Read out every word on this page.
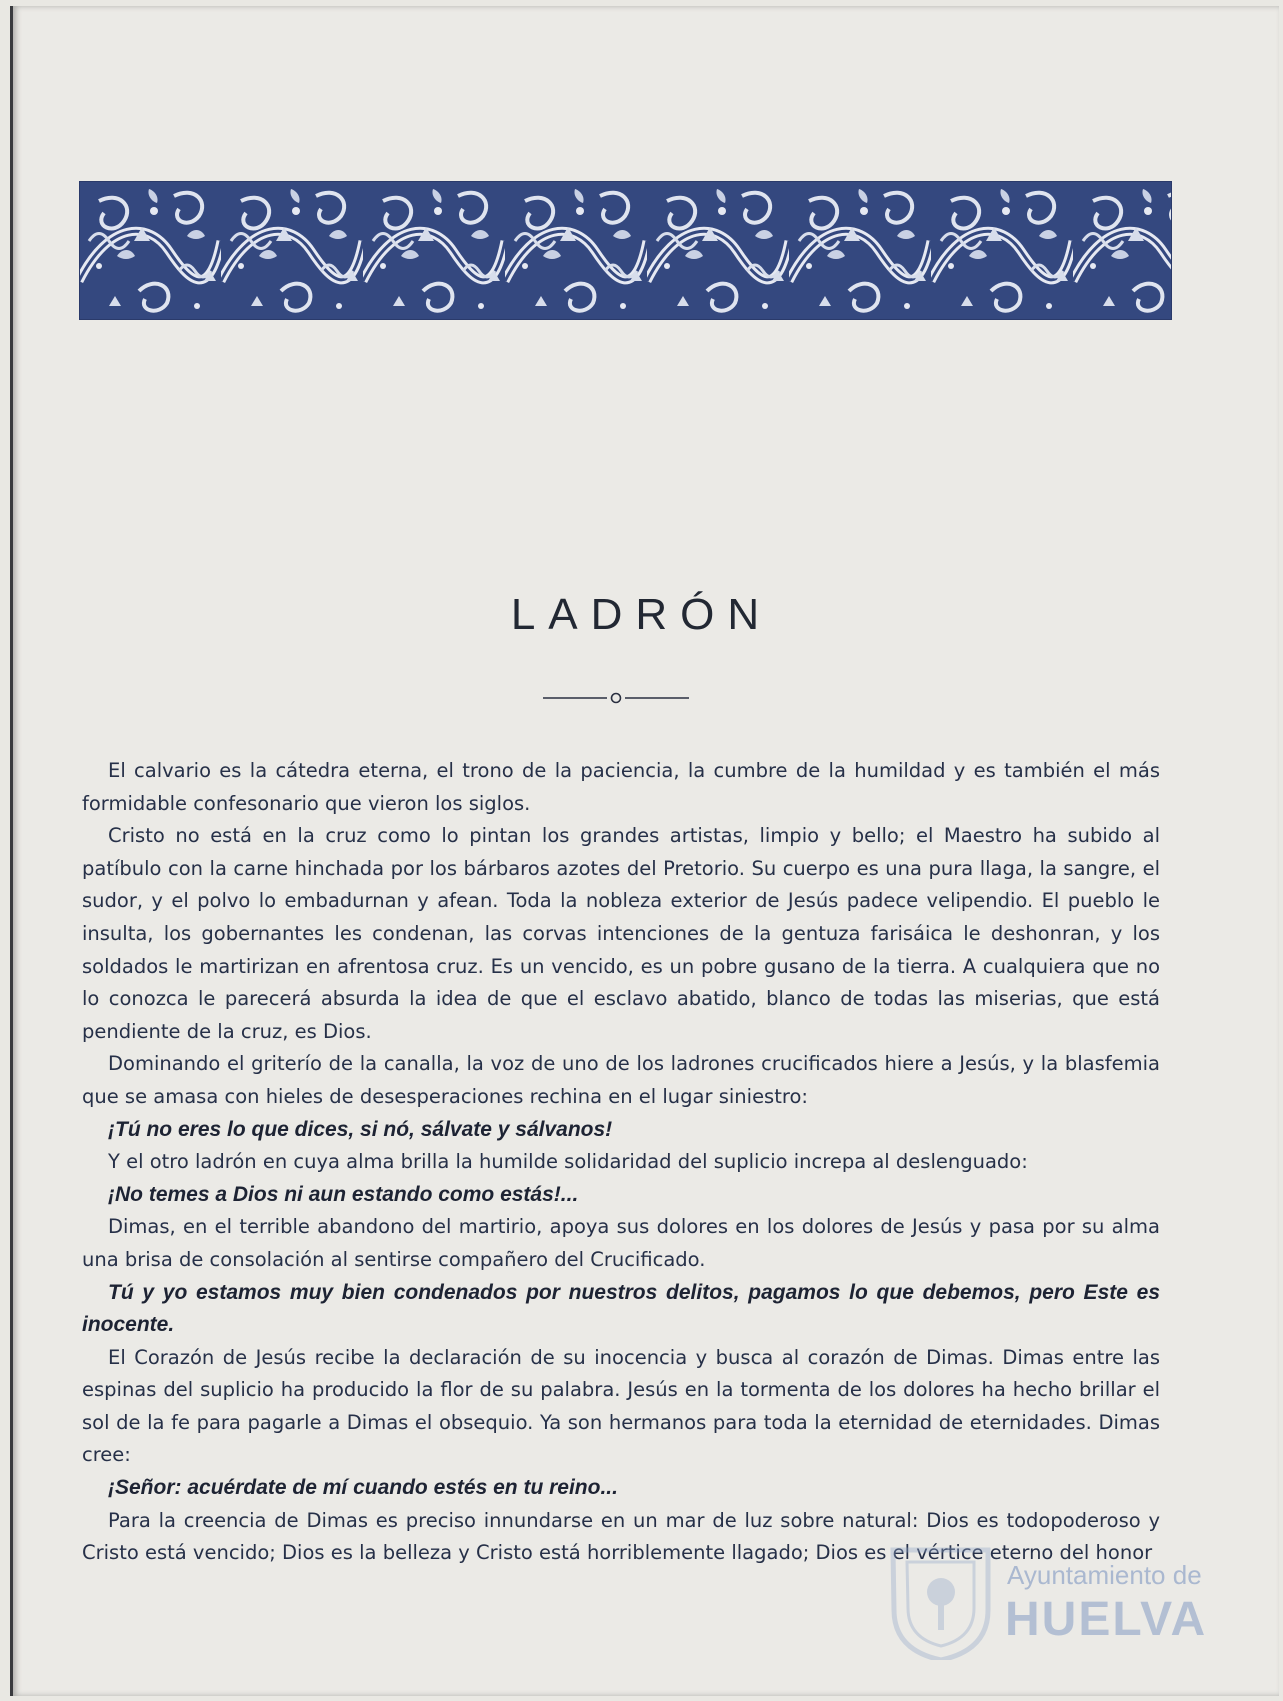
LADRÓN

El calvario es la cátedra eterna, el trono de la paciencia, la cumbre de la humildad y es también el más formidable confesonario que vieron los siglos.

Cristo no está en la cruz como lo pintan los grandes artistas, limpio y bello; el Maestro ha subido al patíbulo con la carne hinchada por los bárbaros azotes del Pretorio. Su cuerpo es una pura llaga, la sangre, el sudor, y el polvo lo embadurnan y afean. Toda la nobleza exterior de Jesús padece velipendio. El pueblo le insulta, los gobernantes les condenan, las corvas intenciones de la gentuza farisáica le deshonran, y los soldados le martirizan en afrentosa cruz. Es un vencido, es un pobre gusano de la tierra. A cualquiera que no lo conozca le parecerá absurda la idea de que el esclavo abatido, blanco de todas las miserias, que está pendiente de la cruz, es Dios.

Dominando el griterío de la canalla, la voz de uno de los ladrones crucificados hiere a Jesús, y la blasfemia que se amasa con hieles de desesperaciones rechina en el lugar siniestro:

¡Tú no eres lo que dices, si nó, sálvate y sálvanos!

Y el otro ladrón en cuya alma brilla la humilde solidaridad del suplicio increpa al deslenguado:

¡No temes a Dios ni aun estando como estás!...

Dimas, en el terrible abandono del martirio, apoya sus dolores en los dolores de Jesús y pasa por su alma una brisa de consolación al sentirse compañero del Crucificado.

Tú y yo estamos muy bien condenados por nuestros delitos, pagamos lo que debemos, pero Este es inocente.

El Corazón de Jesús recibe la declaración de su inocencia y busca al corazón de Dimas. Dimas entre las espinas del suplicio ha producido la flor de su palabra. Jesús en la tormenta de los dolores ha hecho brillar el sol de la fe para pagarle a Dimas el obsequio. Ya son hermanos para toda la eternidad de eternidades. Dimas cree:

¡Señor: acuérdate de mí cuando estés en tu reino...

Para la creencia de Dimas es preciso innundarse en un mar de luz sobre natural: Dios es todopoderoso y Cristo está vencido; Dios es la belleza y Cristo está horriblemente llagado; Dios es el vértice eterno del honor

Ayuntamiento de
HUELVA
